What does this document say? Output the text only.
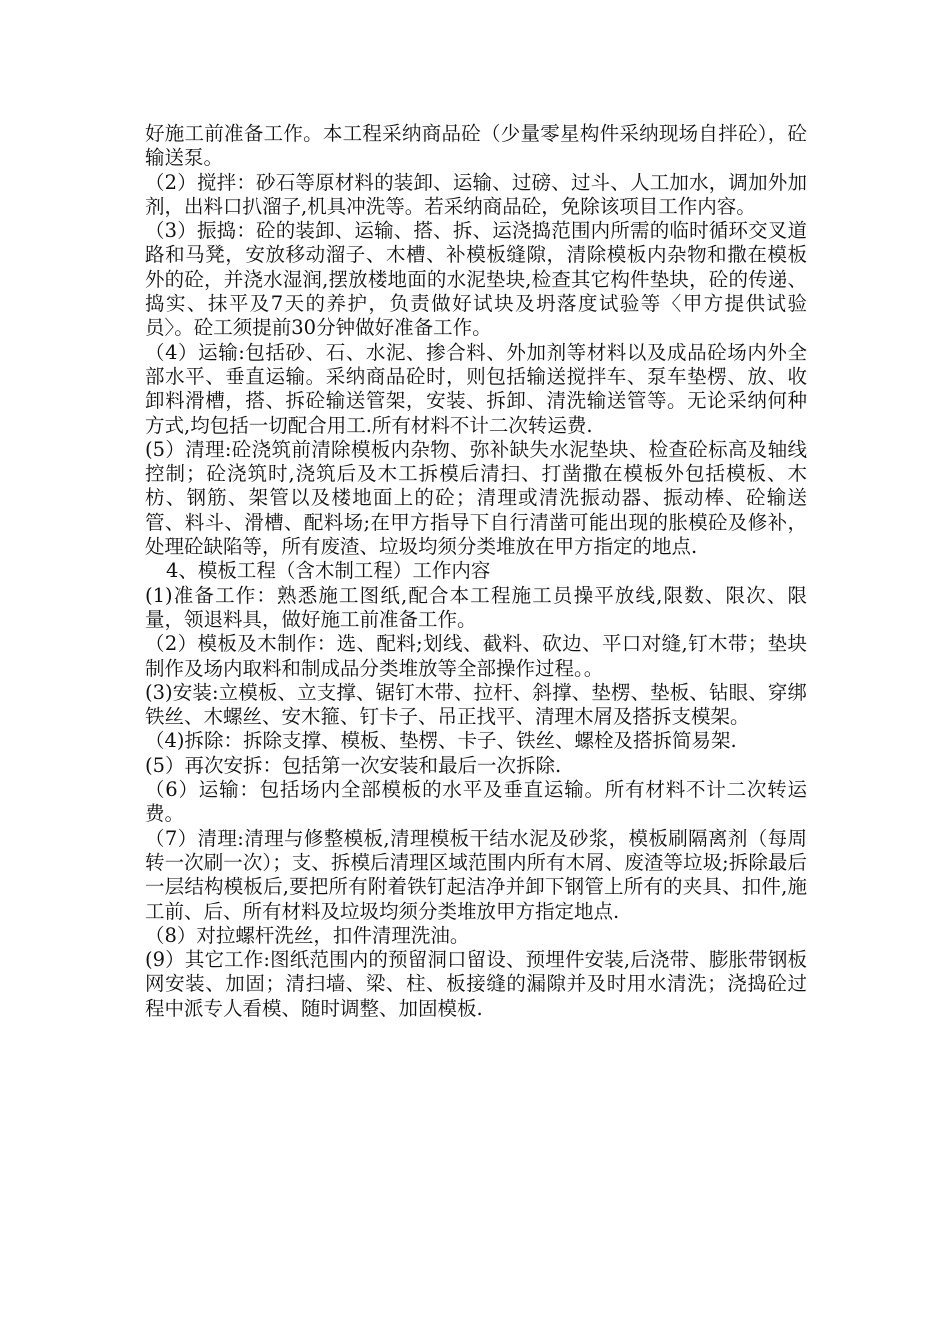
好施工前准备工作。本工程采纳商品砼（少量零星构件采纳现场自拌砼），砼输送泵。

（2）搅拌：砂石等原材料的装卸、运输、过磅、过斗、人工加水，调加外加剂，出料口扒溜子,机具冲洗等。若采纳商品砼，免除该项目工作内容。

（3）振捣：砼的装卸、运输、搭、拆、运浇捣范围内所需的临时循环交叉道路和马凳，安放移动溜子、木槽、补模板缝隙，清除模板内杂物和撒在模板外的砼，并浇水湿润,摆放楼地面的水泥垫块,检查其它构件垫块，砼的传递、捣实、抹平及7天的养护，负责做好试块及坍落度试验等〈甲方提供试验员〉。砼工须提前30分钟做好准备工作。

（4）运输:包括砂、石、水泥、掺合料、外加剂等材料以及成品砼场内外全部水平、垂直运输。采纳商品砼时，则包括输送搅拌车、泵车垫楞、放、收卸料滑槽，搭、拆砼输送管架，安装、拆卸、清洗输送管等。无论采纳何种方式,均包括一切配合用工.所有材料不计二次转运费.

(5）清理:砼浇筑前清除模板内杂物、弥补缺失水泥垫块、检查砼标高及轴线控制；砼浇筑时,浇筑后及木工拆模后清扫、打凿撒在模板外包括模板、木枋、钢筋、架管以及楼地面上的砼；清理或清洗振动器、振动棒、砼输送管、料斗、滑槽、配料场;在甲方指导下自行清凿可能出现的胀模砼及修补，处理砼缺陷等，所有废渣、垃圾均须分类堆放在甲方指定的地点.

4、模板工程（含木制工程）工作内容

(1)准备工作：熟悉施工图纸,配合本工程施工员操平放线,限数、限次、限量，领退料具，做好施工前准备工作。

（2）模板及木制作：选、配料;划线、截料、砍边、平口对缝,钉木带；垫块制作及场内取料和制成品分类堆放等全部操作过程。。

(3)安装:立模板、立支撑、锯钉木带、拉杆、斜撑、垫楞、垫板、钻眼、穿绑铁丝、木螺丝、安木箍、钉卡子、吊正找平、清理木屑及搭拆支模架。

（4)拆除：拆除支撑、模板、垫楞、卡子、铁丝、螺栓及搭拆简易架.

(5）再次安拆：包括第一次安装和最后一次拆除.

（6）运输：包括场内全部模板的水平及垂直运输。所有材料不计二次转运费。

（7）清理:清理与修整模板,清理模板干结水泥及砂浆，模板刷隔离剂（每周转一次刷一次）；支、拆模后清理区域范围内所有木屑、废渣等垃圾;拆除最后一层结构模板后,要把所有附着铁钉起洁净并卸下钢管上所有的夹具、扣件,施工前、后、所有材料及垃圾均须分类堆放甲方指定地点.

（8）对拉螺杆洗丝，扣件清理洗油。

(9）其它工作:图纸范围内的预留洞口留设、预埋件安装,后浇带、膨胀带钢板网安装、加固；清扫墙、梁、柱、板接缝的漏隙并及时用水清洗；浇捣砼过程中派专人看模、随时调整、加固模板.
